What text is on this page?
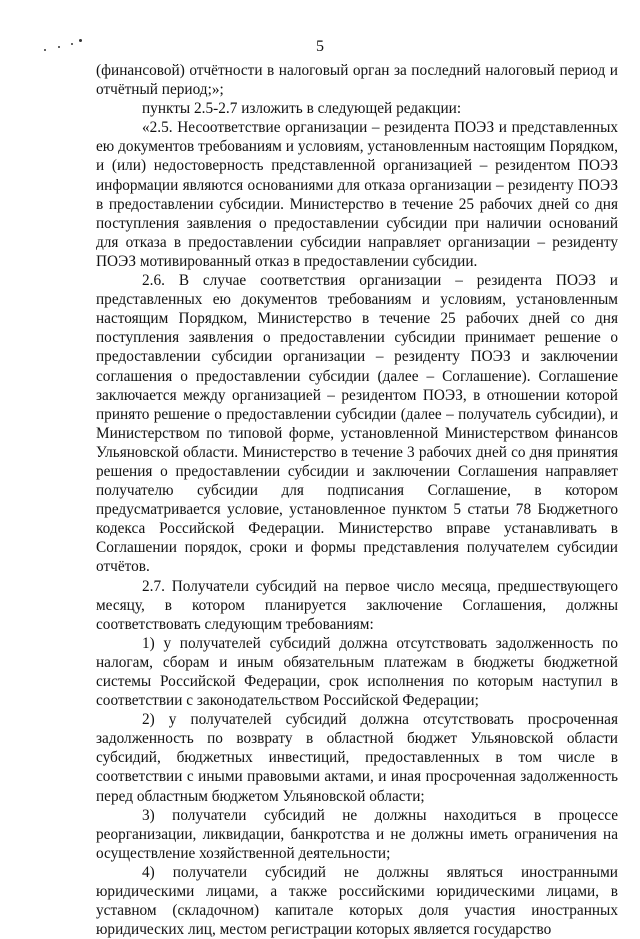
5

(финансовой) отчётности в налоговый орган за последний налоговый период и отчётный период;»;

пункты 2.5-2.7 изложить в следующей редакции:

«2.5. Несоответствие организации – резидента ПОЭЗ и представленных ею документов требованиям и условиям, установленным настоящим Порядком, и (или) недостоверность представленной организацией – резидентом ПОЭЗ информации являются основаниями для отказа организации – резиденту ПОЭЗ в предоставлении субсидии. Министерство в течение 25 рабочих дней со дня поступления заявления о предоставлении субсидии при наличии оснований для отказа в предоставлении субсидии направляет организации – резиденту ПОЭЗ мотивированный отказ в предоставлении субсидии.

2.6. В случае соответствия организации – резидента ПОЭЗ и представленных ею документов требованиям и условиям, установленным настоящим Порядком, Министерство в течение 25 рабочих дней со дня поступления заявления о предоставлении субсидии принимает решение о предоставлении субсидии организации – резиденту ПОЭЗ и заключении соглашения о предоставлении субсидии (далее – Соглашение). Соглашение заключается между организацией – резидентом ПОЭЗ, в отношении которой принято решение о предоставлении субсидии (далее – получатель субсидии), и Министерством по типовой форме, установленной Министерством финансов Ульяновской области. Министерство в течение 3 рабочих дней со дня принятия решения о предоставлении субсидии и заключении Соглашения направляет получателю субсидии для подписания Соглашение, в котором предусматривается условие, установленное пунктом 5 статьи 78 Бюджетного кодекса Российской Федерации. Министерство вправе устанавливать в Соглашении порядок, сроки и формы представления получателем субсидии отчётов.

2.7. Получатели субсидий на первое число месяца, предшествующего месяцу, в котором планируется заключение Соглашения, должны соответствовать следующим требованиям:

1) у получателей субсидий должна отсутствовать задолженность по налогам, сборам и иным обязательным платежам в бюджеты бюджетной системы Российской Федерации, срок исполнения по которым наступил в соответствии с законодательством Российской Федерации;

2) у получателей субсидий должна отсутствовать просроченная задолженность по возврату в областной бюджет Ульяновской области субсидий, бюджетных инвестиций, предоставленных в том числе в соответствии с иными правовыми актами, и иная просроченная задолженность перед областным бюджетом Ульяновской области;

3) получатели субсидий не должны находиться в процессе реорганизации, ликвидации, банкротства и не должны иметь ограничения на осуществление хозяйственной деятельности;

4) получатели субсидий не должны являться иностранными юридическими лицами, а также российскими юридическими лицами, в уставном (складочном) капитале которых доля участия иностранных юридических лиц, местом регистрации которых является государство
